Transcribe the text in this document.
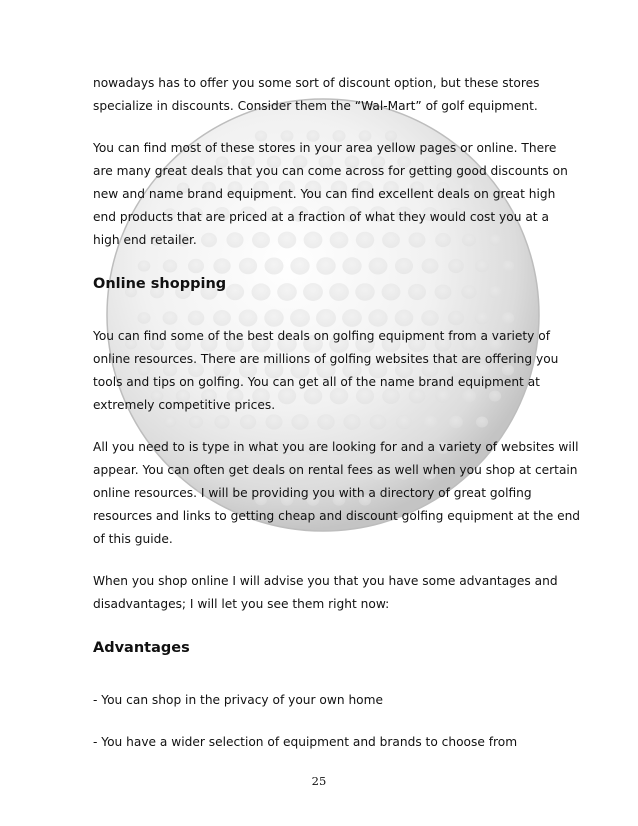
nowadays has to offer you some sort of discount option, but these stores
specialize in discounts. Consider them the “Wal-Mart” of golf equipment.

You can find most of these stores in your area yellow pages or online. There
are many great deals that you can come across for getting good discounts on
new and name brand equipment. You can find excellent deals on great high
end products that are priced at a fraction of what they would cost you at a
high end retailer.

Online shopping

You can find some of the best deals on golfing equipment from a variety of
online resources. There are millions of golfing websites that are offering you
tools and tips on golfing. You can get all of the name brand equipment at
extremely competitive prices.

All you need to is type in what you are looking for and a variety of websites will
appear. You can often get deals on rental fees as well when you shop at certain
online resources. I will be providing you with a directory of great golfing
resources and links to getting cheap and discount golfing equipment at the end
of this guide.

When you shop online I will advise you that you have some advantages and
disadvantages; I will let you see them right now:

Advantages

- You can shop in the privacy of your own home

- You have a wider selection of equipment and brands to choose from

25
